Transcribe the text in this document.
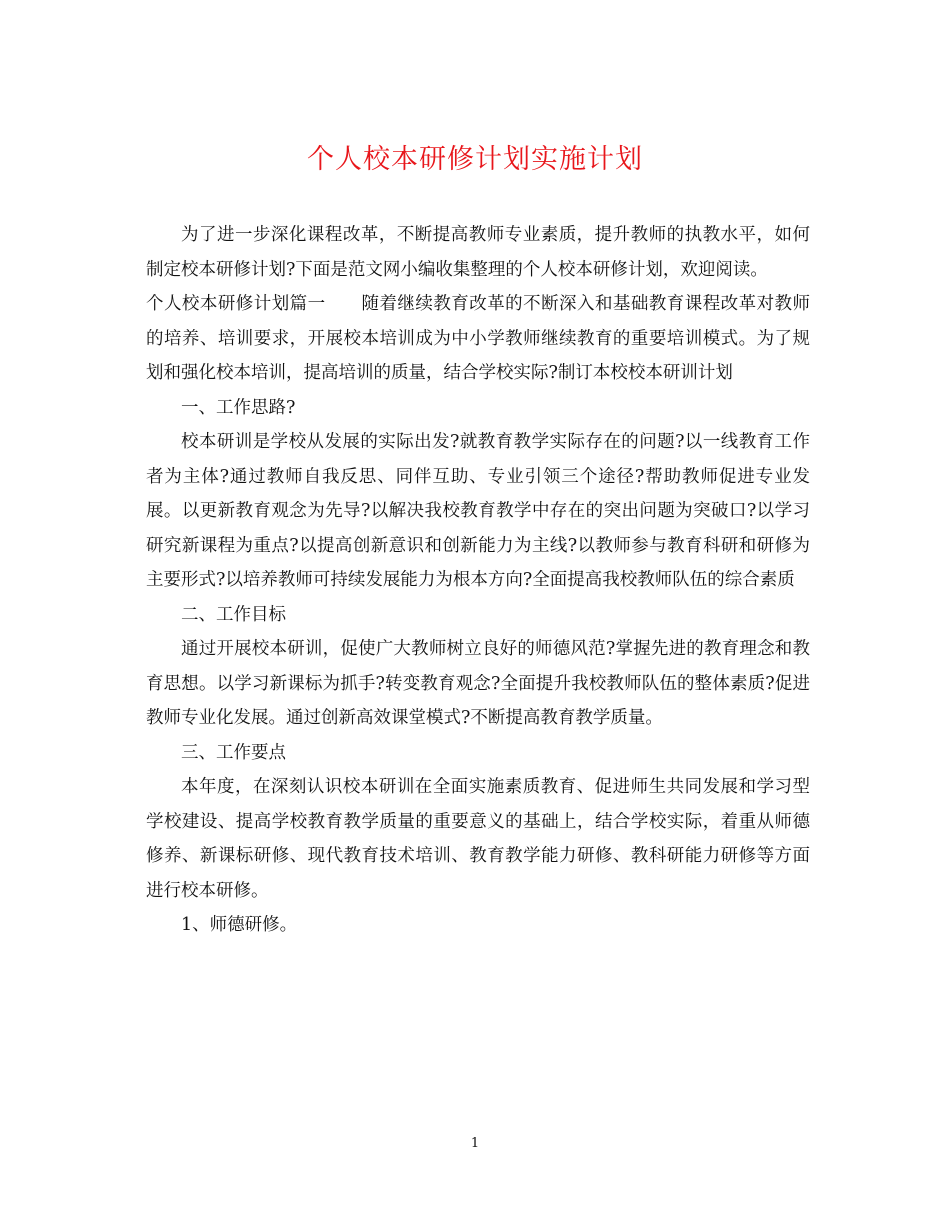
个人校本研修计划实施计划

为了进一步深化课程改革，不断提高教师专业素质，提升教师的执教水平，如何制定校本研修计划?下面是范文网小编收集整理的个人校本研修计划，欢迎阅读。

个人校本研修计划篇一　　随着继续教育改革的不断深入和基础教育课程改革对教师的培养、培训要求，开展校本培训成为中小学教师继续教育的重要培训模式。为了规划和强化校本培训，提高培训的质量，结合学校实际?制订本校校本研训计划

一、工作思路?

校本研训是学校从发展的实际出发?就教育教学实际存在的问题?以一线教育工作者为主体?通过教师自我反思、同伴互助、专业引领三个途径?帮助教师促进专业发展。以更新教育观念为先导?以解决我校教育教学中存在的突出问题为突破口?以学习研究新课程为重点?以提高创新意识和创新能力为主线?以教师参与教育科研和研修为主要形式?以培养教师可持续发展能力为根本方向?全面提高我校教师队伍的综合素质

二、工作目标

通过开展校本研训，促使广大教师树立良好的师德风范?掌握先进的教育理念和教育思想。以学习新课标为抓手?转变教育观念?全面提升我校教师队伍的整体素质?促进教师专业化发展。通过创新高效课堂模式?不断提高教育教学质量。

三、工作要点

本年度，在深刻认识校本研训在全面实施素质教育、促进师生共同发展和学习型学校建设、提高学校教育教学质量的重要意义的基础上，结合学校实际，着重从师德修养、新课标研修、现代教育技术培训、教育教学能力研修、教科研能力研修等方面进行校本研修。

1、师德研修。

1
